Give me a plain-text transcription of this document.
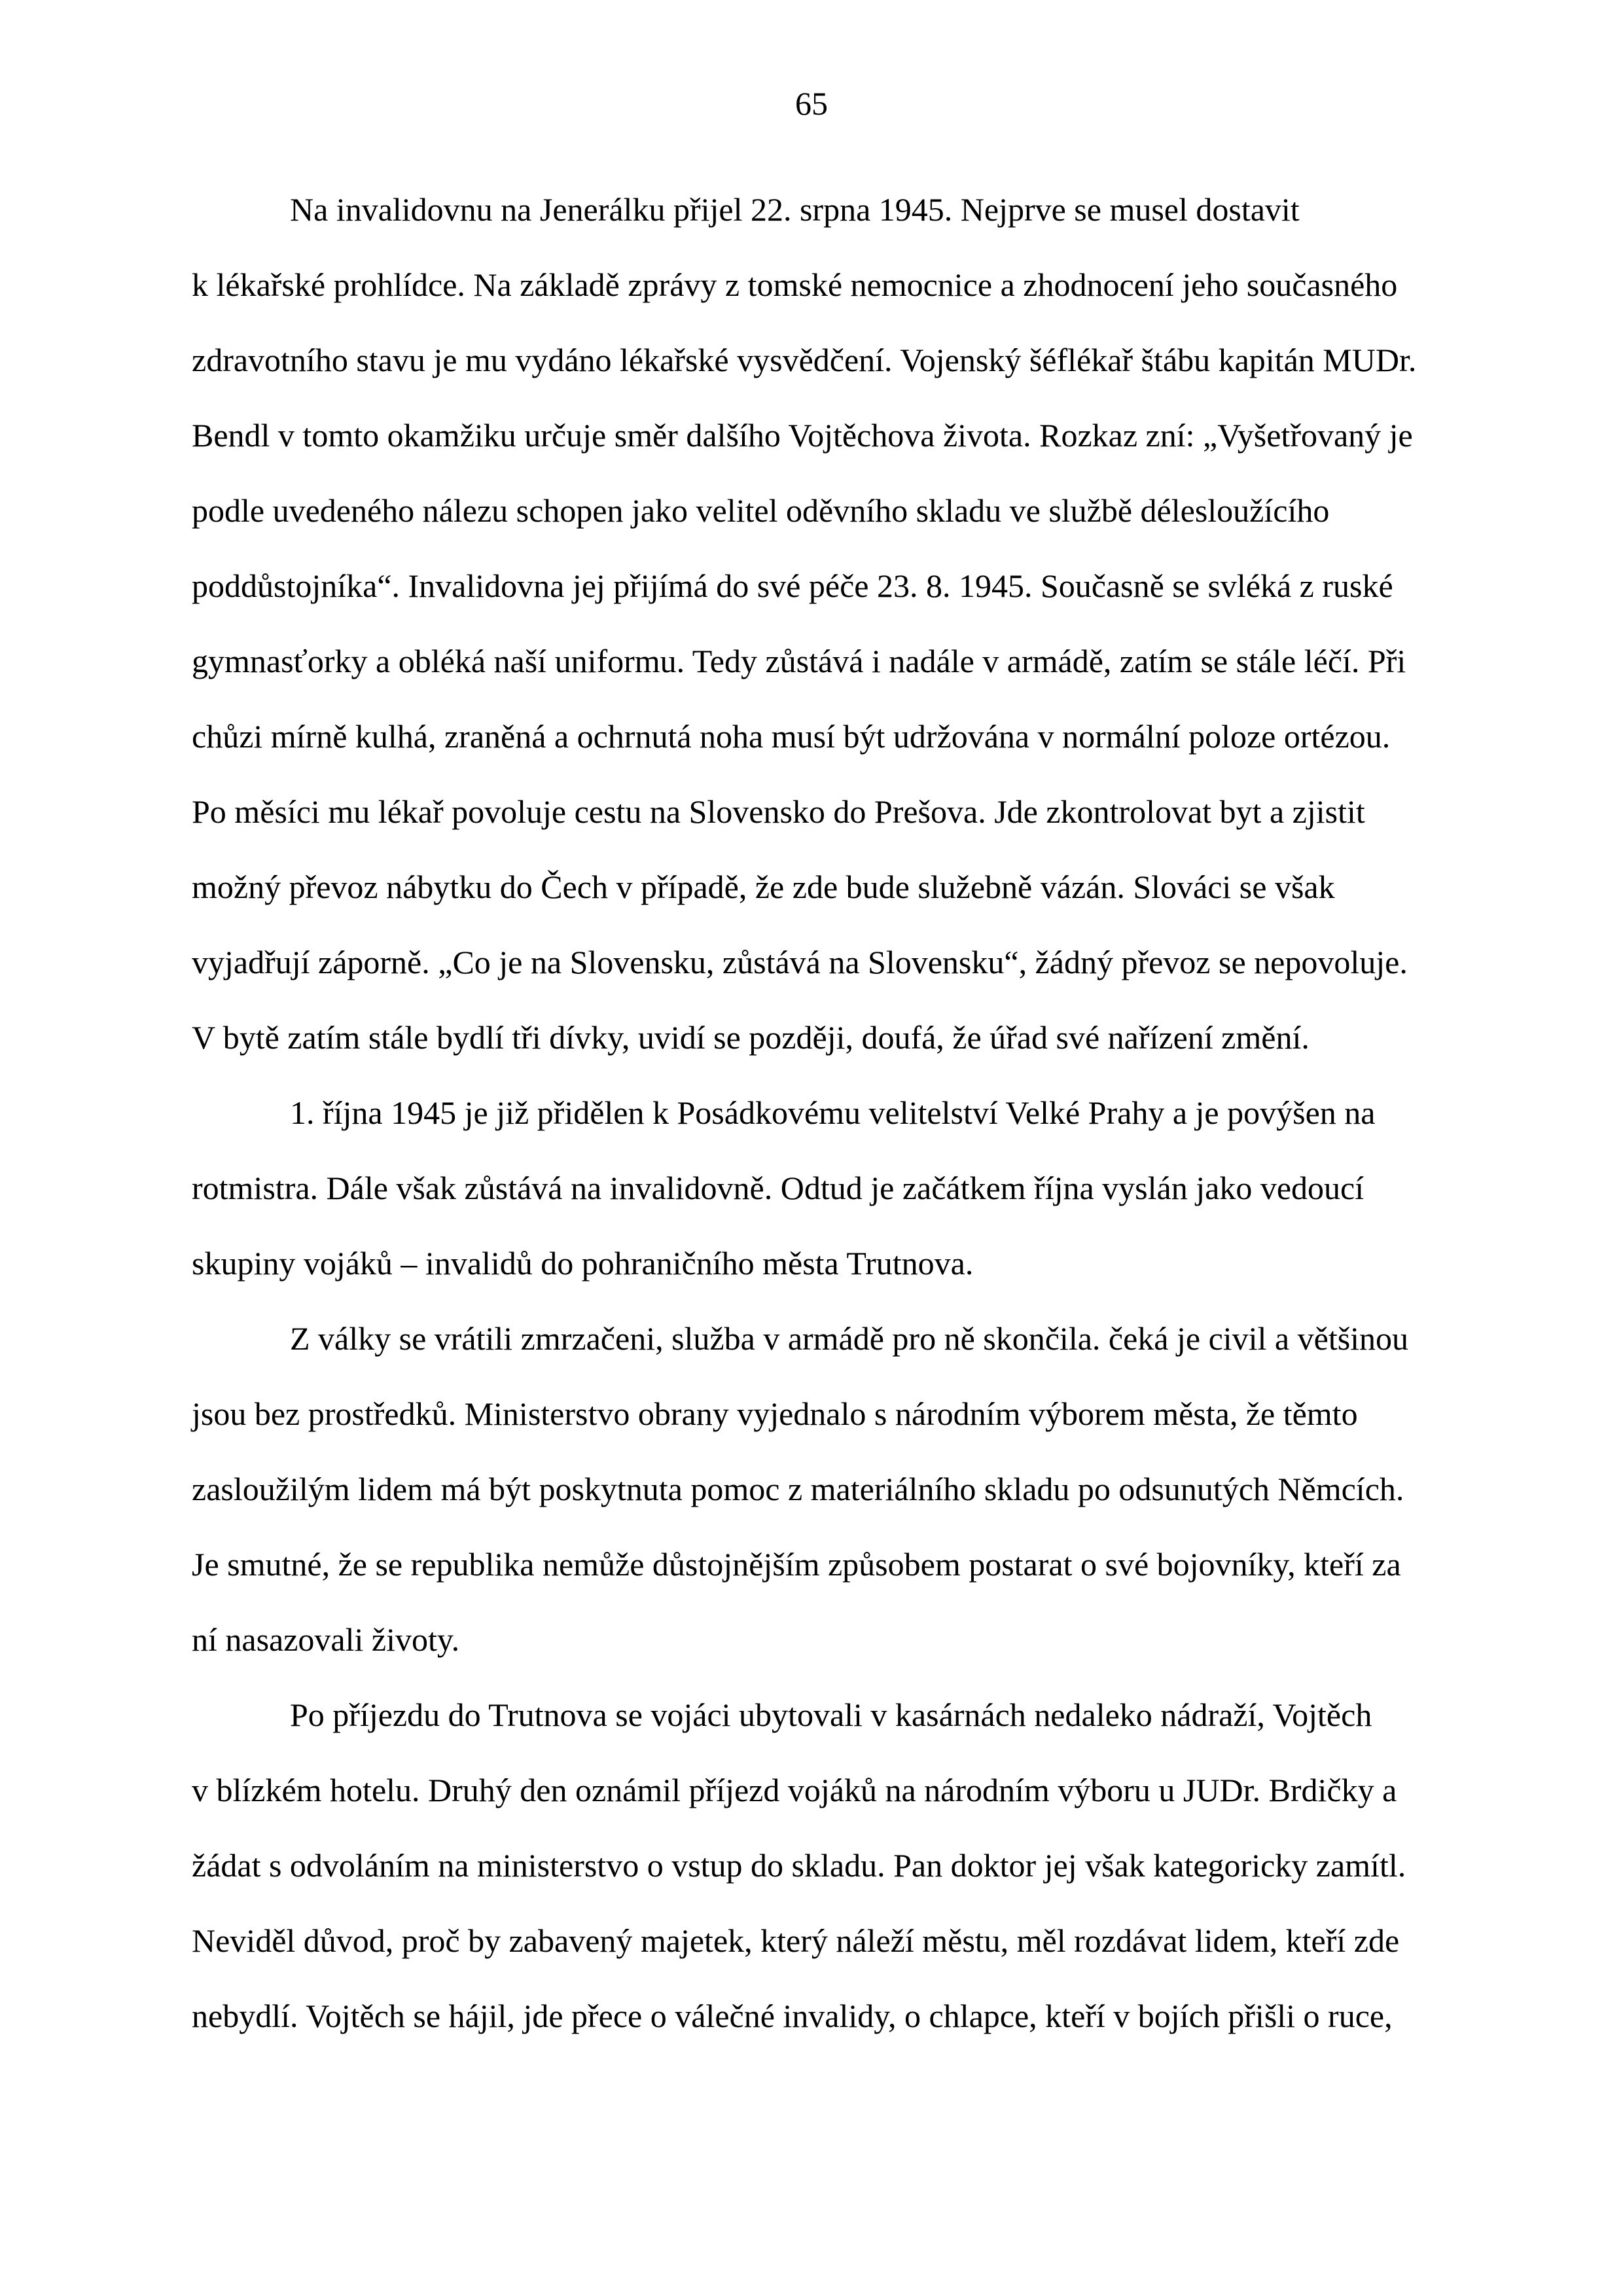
65
Na invalidovnu na Jenerálku přijel 22. srpna 1945. Nejprve se musel dostavit
k lékařské prohlídce. Na základě zprávy z tomské nemocnice a zhodnocení jeho současného
zdravotního stavu je mu vydáno lékařské vysvědčení. Vojenský šéflékař štábu kapitán MUDr.
Bendl v tomto okamžiku určuje směr dalšího Vojtěchova života. Rozkaz zní: „Vyšetřovaný je
podle uvedeného nálezu schopen jako velitel oděvního skladu ve službě délesloužícího
poddůstojníka“. Invalidovna jej přijímá do své péče 23. 8. 1945. Současně se svléká z ruské
gymnasťorky a obléká naší uniformu. Tedy zůstává i nadále v armádě, zatím se stále léčí. Při
chůzi mírně kulhá, zraněná a ochrnutá noha musí být udržována v normální poloze ortézou.
Po měsíci mu lékař povoluje cestu na Slovensko do Prešova. Jde zkontrolovat byt a zjistit
možný převoz nábytku do Čech v případě, že zde bude služebně vázán. Slováci se však
vyjadřují záporně. „Co je na Slovensku, zůstává na Slovensku“, žádný převoz se nepovoluje.
V bytě zatím stále bydlí tři dívky, uvidí se později, doufá, že úřad své nařízení změní.
1. října 1945 je již přidělen k Posádkovému velitelství Velké Prahy a je povýšen na
rotmistra. Dále však zůstává na invalidovně. Odtud je začátkem října vyslán jako vedoucí
skupiny vojáků – invalidů do pohraničního města Trutnova.
Z války se vrátili zmrzačeni, služba v armádě pro ně skončila. čeká je civil a většinou
jsou bez prostředků. Ministerstvo obrany vyjednalo s národním výborem města, že těmto
zasloužilým lidem má být poskytnuta pomoc z materiálního skladu po odsunutých Němcích.
Je smutné, že se republika nemůže důstojnějším způsobem postarat o své bojovníky, kteří za
ní nasazovali životy.
Po příjezdu do Trutnova se vojáci ubytovali v kasárnách nedaleko nádraží, Vojtěch
v blízkém hotelu. Druhý den oznámil příjezd vojáků na národním výboru u JUDr. Brdičky a
žádat s odvoláním na ministerstvo o vstup do skladu. Pan doktor jej však kategoricky zamítl.
Neviděl důvod, proč by zabavený majetek, který náleží městu, měl rozdávat lidem, kteří zde
nebydlí. Vojtěch se hájil, jde přece o válečné invalidy, o chlapce, kteří v bojích přišli o ruce,
